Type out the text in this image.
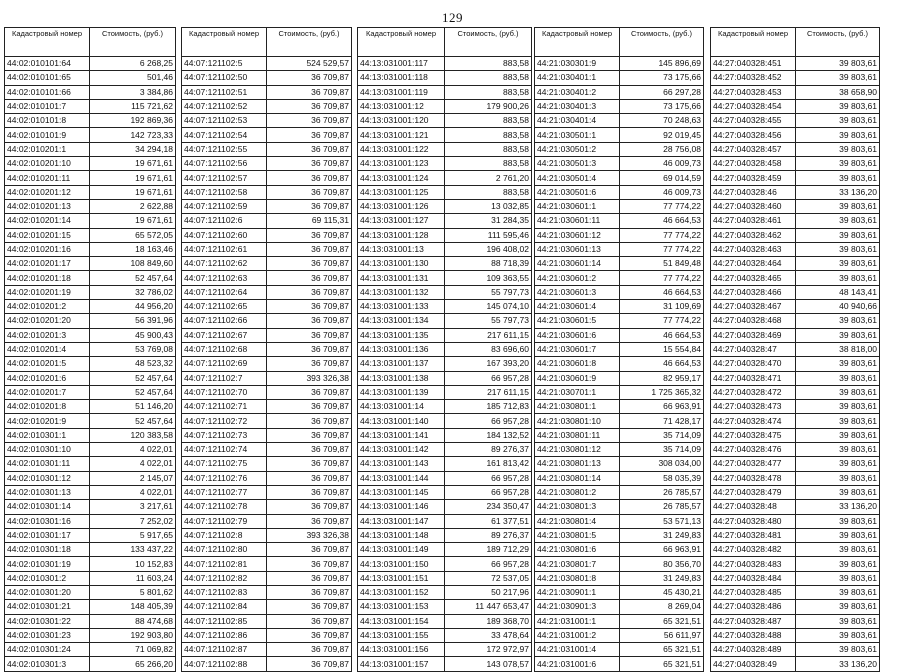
129
Кадастровый номер	Стоимость, (руб.)
44:02:010101:64	6 268,25
44:02:010101:65	501,46
44:02:010101:66	3 384,86
44:02:010101:7	115 721,62
44:02:010101:8	192 869,36
44:02:010101:9	142 723,33
44:02:010201:1	34 294,18
44:02:010201:10	19 671,61
44:02:010201:11	19 671,61
44:02:010201:12	19 671,61
44:02:010201:13	2 622,88
44:02:010201:14	19 671,61
44:02:010201:15	65 572,05
44:02:010201:16	18 163,46
44:02:010201:17	108 849,60
44:02:010201:18	52 457,64
44:02:010201:19	32 786,02
44:02:010201:2	44 956,20
44:02:010201:20	56 391,96
44:02:010201:3	45 900,43
44:02:010201:4	53 769,08
44:02:010201:5	48 523,32
44:02:010201:6	52 457,64
44:02:010201:7	52 457,64
44:02:010201:8	51 146,20
44:02:010201:9	52 457,64
44:02:010301:1	120 383,58
44:02:010301:10	4 022,01
44:02:010301:11	4 022,01
44:02:010301:12	2 145,07
44:02:010301:13	4 022,01
44:02:010301:14	3 217,61
44:02:010301:16	7 252,02
44:02:010301:17	5 917,65
44:02:010301:18	133 437,22
44:02:010301:19	10 152,83
44:02:010301:2	11 603,24
44:02:010301:20	5 801,62
44:02:010301:21	148 405,39
44:02:010301:22	88 474,68
44:02:010301:23	192 903,80
44:02:010301:24	71 069,82
44:02:010301:3	65 266,20
Кадастровый номер	Стоимость, (руб.)
44:07:121102:5	524 529,57
44:07:121102:50	36 709,87
44:07:121102:51	36 709,87
44:07:121102:52	36 709,87
44:07:121102:53	36 709,87
44:07:121102:54	36 709,87
44:07:121102:55	36 709,87
44:07:121102:56	36 709,87
44:07:121102:57	36 709,87
44:07:121102:58	36 709,87
44:07:121102:59	36 709,87
44:07:121102:6	69 115,31
44:07:121102:60	36 709,87
44:07:121102:61	36 709,87
44:07:121102:62	36 709,87
44:07:121102:63	36 709,87
44:07:121102:64	36 709,87
44:07:121102:65	36 709,87
44:07:121102:66	36 709,87
44:07:121102:67	36 709,87
44:07:121102:68	36 709,87
44:07:121102:69	36 709,87
44:07:121102:7	393 326,38
44:07:121102:70	36 709,87
44:07:121102:71	36 709,87
44:07:121102:72	36 709,87
44:07:121102:73	36 709,87
44:07:121102:74	36 709,87
44:07:121102:75	36 709,87
44:07:121102:76	36 709,87
44:07:121102:77	36 709,87
44:07:121102:78	36 709,87
44:07:121102:79	36 709,87
44:07:121102:8	393 326,38
44:07:121102:80	36 709,87
44:07:121102:81	36 709,87
44:07:121102:82	36 709,87
44:07:121102:83	36 709,87
44:07:121102:84	36 709,87
44:07:121102:85	36 709,87
44:07:121102:86	36 709,87
44:07:121102:87	36 709,87
44:07:121102:88	36 709,87
Кадастровый номер	Стоимость, (руб.)
44:13:031001:117	883,58
44:13:031001:118	883,58
44:13:031001:119	883,58
44:13:031001:12	179 900,26
44:13:031001:120	883,58
44:13:031001:121	883,58
44:13:031001:122	883,58
44:13:031001:123	883,58
44:13:031001:124	2 761,20
44:13:031001:125	883,58
44:13:031001:126	13 032,85
44:13:031001:127	31 284,35
44:13:031001:128	111 595,46
44:13:031001:13	196 408,02
44:13:031001:130	88 718,39
44:13:031001:131	109 363,55
44:13:031001:132	55 797,73
44:13:031001:133	145 074,10
44:13:031001:134	55 797,73
44:13:031001:135	217 611,15
44:13:031001:136	83 696,60
44:13:031001:137	167 393,20
44:13:031001:138	66 957,28
44:13:031001:139	217 611,15
44:13:031001:14	185 712,83
44:13:031001:140	66 957,28
44:13:031001:141	184 132,52
44:13:031001:142	89 276,37
44:13:031001:143	161 813,42
44:13:031001:144	66 957,28
44:13:031001:145	66 957,28
44:13:031001:146	234 350,47
44:13:031001:147	61 377,51
44:13:031001:148	89 276,37
44:13:031001:149	189 712,29
44:13:031001:150	66 957,28
44:13:031001:151	72 537,05
44:13:031001:152	50 217,96
44:13:031001:153	11 447 653,47
44:13:031001:154	189 368,70
44:13:031001:155	33 478,64
44:13:031001:156	172 972,97
44:13:031001:157	143 078,57
Кадастровый номер	Стоимость, (руб.)
44:21:030301:9	145 896,69
44:21:030401:1	73 175,66
44:21:030401:2	66 297,28
44:21:030401:3	73 175,66
44:21:030401:4	70 248,63
44:21:030501:1	92 019,45
44:21:030501:2	28 756,08
44:21:030501:3	46 009,73
44:21:030501:4	69 014,59
44:21:030501:6	46 009,73
44:21:030601:1	77 774,22
44:21:030601:11	46 664,53
44:21:030601:12	77 774,22
44:21:030601:13	77 774,22
44:21:030601:14	51 849,48
44:21:030601:2	77 774,22
44:21:030601:3	46 664,53
44:21:030601:4	31 109,69
44:21:030601:5	77 774,22
44:21:030601:6	46 664,53
44:21:030601:7	15 554,84
44:21:030601:8	46 664,53
44:21:030601:9	82 959,17
44:21:030701:1	1 725 365,32
44:21:030801:1	66 963,91
44:21:030801:10	71 428,17
44:21:030801:11	35 714,09
44:21:030801:12	35 714,09
44:21:030801:13	308 034,00
44:21:030801:14	58 035,39
44:21:030801:2	26 785,57
44:21:030801:3	26 785,57
44:21:030801:4	53 571,13
44:21:030801:5	31 249,83
44:21:030801:6	66 963,91
44:21:030801:7	80 356,70
44:21:030801:8	31 249,83
44:21:030901:1	45 430,21
44:21:030901:3	8 269,04
44:21:031001:1	65 321,51
44:21:031001:2	56 611,97
44:21:031001:4	65 321,51
44:21:031001:6	65 321,51
Кадастровый номер	Стоимость, (руб.)
44:27:040328:451	39 803,61
44:27:040328:452	39 803,61
44:27:040328:453	38 658,90
44:27:040328:454	39 803,61
44:27:040328:455	39 803,61
44:27:040328:456	39 803,61
44:27:040328:457	39 803,61
44:27:040328:458	39 803,61
44:27:040328:459	39 803,61
44:27:040328:46	33 136,20
44:27:040328:460	39 803,61
44:27:040328:461	39 803,61
44:27:040328:462	39 803,61
44:27:040328:463	39 803,61
44:27:040328:464	39 803,61
44:27:040328:465	39 803,61
44:27:040328:466	48 143,41
44:27:040328:467	40 940,66
44:27:040328:468	39 803,61
44:27:040328:469	39 803,61
44:27:040328:47	38 818,00
44:27:040328:470	39 803,61
44:27:040328:471	39 803,61
44:27:040328:472	39 803,61
44:27:040328:473	39 803,61
44:27:040328:474	39 803,61
44:27:040328:475	39 803,61
44:27:040328:476	39 803,61
44:27:040328:477	39 803,61
44:27:040328:478	39 803,61
44:27:040328:479	39 803,61
44:27:040328:48	33 136,20
44:27:040328:480	39 803,61
44:27:040328:481	39 803,61
44:27:040328:482	39 803,61
44:27:040328:483	39 803,61
44:27:040328:484	39 803,61
44:27:040328:485	39 803,61
44:27:040328:486	39 803,61
44:27:040328:487	39 803,61
44:27:040328:488	39 803,61
44:27:040328:489	39 803,61
44:27:040328:49	33 136,20
